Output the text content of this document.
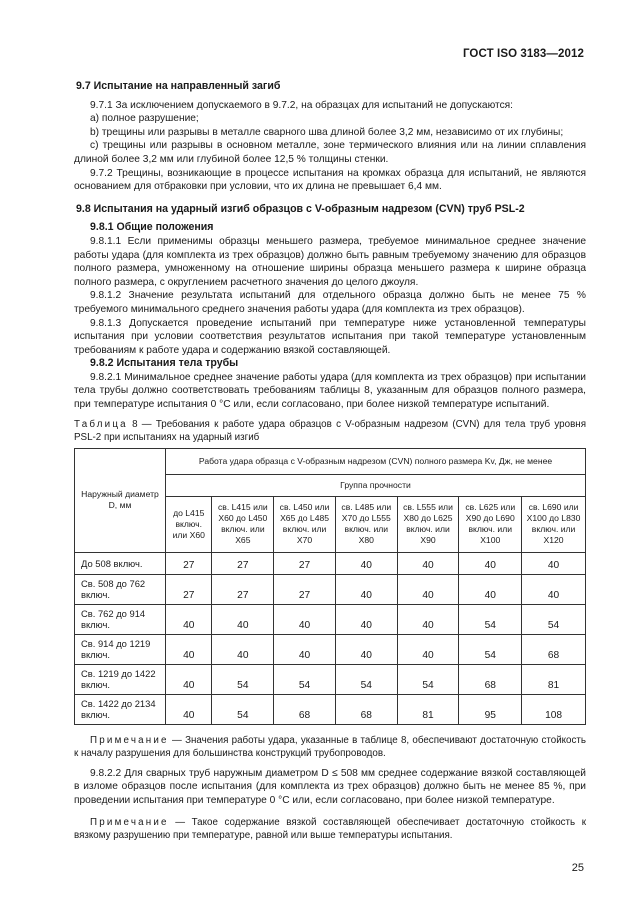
ГОСТ ISO 3183—2012
9.7 Испытание на направленный загиб

9.7.1 За исключением допускаемого в 9.7.2, на образцах для испытаний не допускаются:

а) полное разрушение;

b) трещины или разрывы в металле сварного шва длиной более 3,2 мм, независимо от их глубины;

с) трещины или разрывы в основном металле, зоне термического влияния или на линии сплавления длиной более 3,2 мм или глубиной более 12,5 % толщины стенки.

9.7.2 Трещины, возникающие в процессе испытания на кромках образца для испытаний, не являются основанием для отбраковки при условии, что их длина не превышает 6,4 мм.

9.8 Испытания на ударный изгиб образцов с V-образным надрезом (CVN) труб PSL-2
9.8.1 Общие положения

9.8.1.1 Если применимы образцы меньшего размера, требуемое минимальное среднее значение работы удара (для комплекта из трех образцов) должно быть равным требуемому значению для образцов полного размера, умноженному на отношение ширины образца меньшего размера к ширине образца полного размера, с округлением расчетного значения до целого джоуля.

9.8.1.2 Значение результата испытаний для отдельного образца должно быть не менее 75 % требуемого минимального среднего значения работы удара (для комплекта из трех образцов).

9.8.1.3 Допускается проведение испытаний при температуре ниже установленной температуры испытания при условии соответствия результатов испытания при такой температуре установленным требованиям к работе удара и содержанию вязкой составляющей.

9.8.2 Испытания тела трубы

9.8.2.1 Минимальное среднее значение работы удара (для комплекта из трех образцов) при испытании тела трубы должно соответствовать требованиям таблицы 8, указанным для образцов полного размера, при температуре испытания 0 °С или, если согласовано, при более низкой температуре испытаний.

Таблица 8 — Требования к работе удара образцов с V-образным надрезом (CVN) для тела труб уровня PSL-2 при испытаниях на ударный изгиб

Наружный диаметр D, мм	Работа удара образца с V-образным надрезом (CVN) полного размера Kv, Дж, не менее						
	Группа прочности						
	до L415 включ. или X60	св. L415 или X60 до L450 включ. или X65	св. L450 или X65 до L485 включ. или X70	св. L485 или X70 до L555 включ. или X80	св. L555 или X80 до L625 включ. или X90	св. L625 или X90 до L690 включ. или X100	св. L690 или X100 до L830 включ. или X120
До 508 включ.	27	27	27	40	40	40	40
Св. 508 до 762 включ.	27	27	27	40	40	40	40
Св. 762 до 914 включ.	40	40	40	40	40	54	54
Св. 914 до 1219 включ.	40	40	40	40	40	54	68
Св. 1219 до 1422 включ.	40	54	54	54	54	68	81
Св. 1422 до 2134 включ.	40	54	68	68	81	95	108

Примечание — Значения работы удара, указанные в таблице 8, обеспечивают достаточную стойкость к началу разрушения для большинства конструкций трубопроводов.

9.8.2.2 Для сварных труб наружным диаметром D ≤ 508 мм среднее содержание вязкой составляющей в изломе образцов после испытания (для комплекта из трех образцов) должно быть не менее 85 %, при проведении испытания при температуре 0 °С или, если согласовано, при более низкой температуре.

Примечание — Такое содержание вязкой составляющей обеспечивает достаточную стойкость к вязкому разрушению при температуре, равной или выше температуры испытания.

25
